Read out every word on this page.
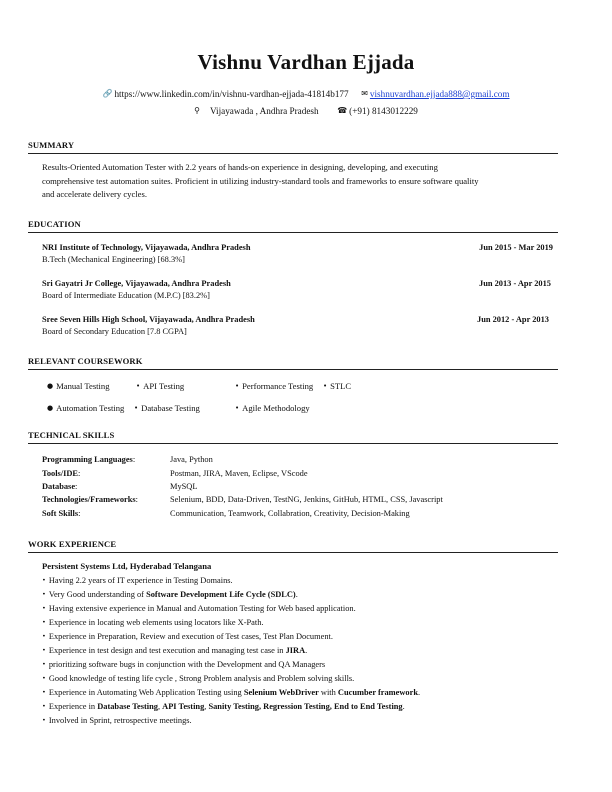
Vishnu Vardhan Ejjada
🔗 https://www.linkedin.com/in/vishnu-vardhan-ejjada-41814b177 ✉ vishnuvardhan.ejjada888@gmail.com
⚲ Vijayawada , Andhra Pradesh ☎ (+91) 8143012229
SUMMARY
Results-Oriented Automation Tester with 2.2 years of hands-on experience in designing, developing, and executing
comprehensive test automation suites. Proficient in utilizing industry-standard tools and frameworks to ensure software quality
and accelerate delivery cycles.
EDUCATION
NRI Institute of Technology, Vijayawada, Andhra Pradesh	Jun 2015 - Mar 2019
B.Tech (Mechanical Engineering) [68.3%]
Sri Gayatri Jr College, Vijayawada, Andhra Pradesh	Jun 2013 - Apr 2015
Board of Intermediate Education (M.P.C) [83.2%]
Sree Seven Hills High School, Vijayawada, Andhra Pradesh	Jun 2012 - Apr 2013
Board of Secondary Education [7.8 CGPA]
RELEVANT COURSEWORK
● Manual Testing	• API Testing	• Performance Testing • STLC
● Automation Testing • Database Testing	• Agile Methodology
TECHNICAL SKILLS
Programming Languages:	Java, Python
Tools/IDE:	Postman, JIRA, Maven, Eclipse, VScode
Database:	MySQL
Technologies/Frameworks:	Selenium, BDD, Data-Driven, TestNG, Jenkins, GitHub, HTML, CSS, Javascript
Soft Skills:	Communication, Teamwork, Collabration, Creativity, Decision-Making
WORK EXPERIENCE
Persistent Systems Ltd, Hyderabad Telangana
• Having 2.2 years of IT experience in Testing Domains.
• Very Good understanding of Software Development Life Cycle (SDLC).
• Having extensive experience in Manual and Automation Testing for Web based application.
• Experience in locating web elements using locators like X-Path.
• Experience in Preparation, Review and execution of Test cases, Test Plan Document.
• Experience in test design and test execution and managing test case in JIRA.
• prioritizing software bugs in conjunction with the Development and QA Managers
• Good knowledge of testing life cycle , Strong Problem analysis and Problem solving skills.
• Experience in Automating Web Application Testing using Selenium WebDriver with Cucumber framework.
• Experience in Database Testing, API Testing, Sanity Testing, Regression Testing, End to End Testing.
• Involved in Sprint, retrospective meetings.
